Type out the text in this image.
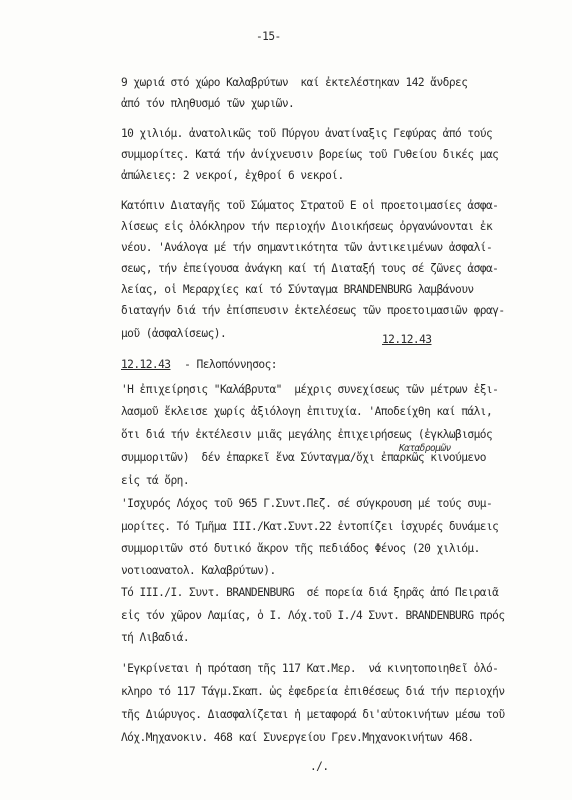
-15-
9 χωριά στό χώρο Καλαβρύτων  καί ἐκτελέστηκαν 142 ἄνδρες
ἀπό τόν πληθυσμό τῶν χωριῶν.
10 χιλιόμ. ἀνατολικῶς τοῦ Πύργου ἀνατίναξις Γεφύρας ἀπό τούς
συμμορίτες. Κατά τήν ἀνίχνευσιν βορείως τοῦ Γυθείου δικές μας
ἀπώλειες: 2 νεκροί, ἐχθροί 6 νεκροί.
Κατόπιν Διαταγῆς τοῦ Σώματος Στρατοῦ Ε οἱ προετοιμασίες ἀσφα-
λίσεως εἰς ὁλόκληρον τήν περιοχήν Διοικήσεως ὀργανώνονται ἐκ
νέου. 'Ανάλογα μέ τήν σημαντικότητα τῶν ἀντικειμένων ἀσφαλί-
σεως, τήν ἐπείγουσα ἀνάγκη καί τή Διαταξή τους σέ ζῶνες ἀσφα-
λείας, οἱ Μεραρχίες καί τό Σύνταγμα BRANDENBURG λαμβάνουν
διαταγήν διά τήν ἐπίσπευσιν ἐκτελέσεως τῶν προετοιμασιῶν φραγ-
μοῦ (ἀσφαλίσεως).	12.12.43
12.12.43 - Πελοπόννησος:
'Η ἐπιχείρησις "Καλάβρυτα"  μέχρις συνεχίσεως τῶν μέτρων ἐξι-
λασμοῦ ἔκλεισε χωρίς ἀξιόλογη ἐπιτυχία. 'Αποδείχθη καί πάλι,
ὅτι διά τήν ἐκτέλεσιν μιᾶς μεγάλης ἐπιχειρήσεως (ἐγκλωβισμός
Καταδρομῶν
συμμοριτῶν)  δέν ἐπαρκεῖ ἕνα Σύνταγμα/ὄχι ἐπαρκῶς κινούμενο
εἰς τά ὄρη.
'Ισχυρός Λόχος τοῦ 965 Γ.Συντ.Πεζ. σέ σύγκρουση μέ τούς συμ-
μορίτες. Τό Τμῆμα III./Κατ.Συντ.22 ἐντοπίζει ἰσχυρές δυνάμεις
συμμοριτῶν στό δυτικό ἄκρον τῆς πεδιάδος Φένος (20 χιλιόμ.
νοτιοανατολ. Καλαβρύτων).
Τό III./I. Συντ. BRANDENBURG  σέ πορεία διά ξηρᾶς ἀπό Πειραιᾶ
εἰς τόν χῶρον Λαμίας, ὁ I. Λόχ.τοῦ I./4 Συντ. BRANDENBURG πρός
τή Λιβαδιά.
'Εγκρίνεται ἡ πρόταση τῆς 117 Κατ.Μερ.  νά κινητοποιηθεῖ ὁλό-
κληρο τό 117 Τάγμ.Σκαπ. ὡς ἐφεδρεία ἐπιθέσεως διά τήν περιοχήν
τῆς Διώρυγος. Διασφαλίζεται ἡ μεταφορά δι'αὐτοκινήτων μέσω τοῦ
Λόχ.Μηχανοκιν. 468 καί Συνεργείου Γρεν.Μηχανοκινήτων 468.
./.
